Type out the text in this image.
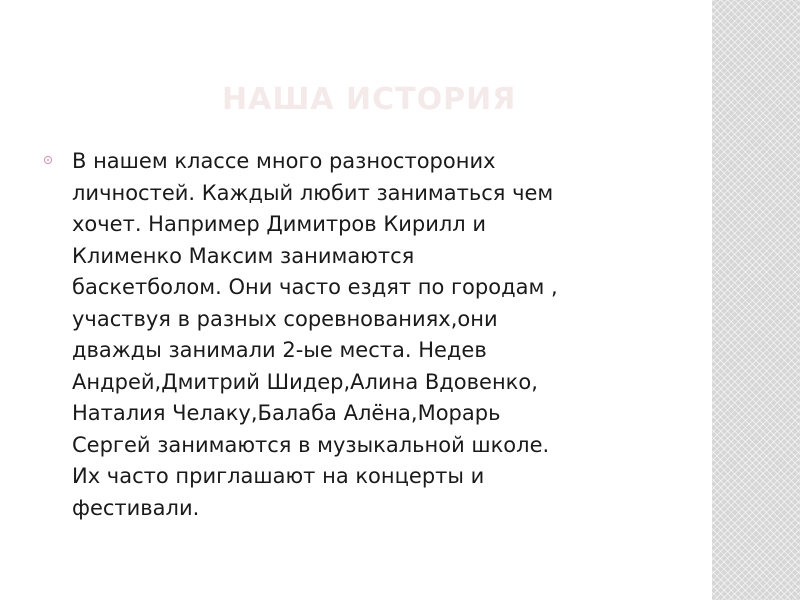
НАША ИСТОРИЯ

В нашем классе много разностороних
личностей. Каждый любит заниматься чем
хочет. Например Димитров Кирилл и
Клименко Максим занимаются
баскетболом. Они часто ездят по городам ,
участвуя в разных соревнованиях,они
дважды занимали 2-ые места. Недев
Андрей,Дмитрий Шидер,Алина Вдовенко,
Наталия Челаку,Балаба Алёна,Морарь
Сергей занимаются в музыкальной школе.
Их часто приглашают на концерты и
фестивали.
